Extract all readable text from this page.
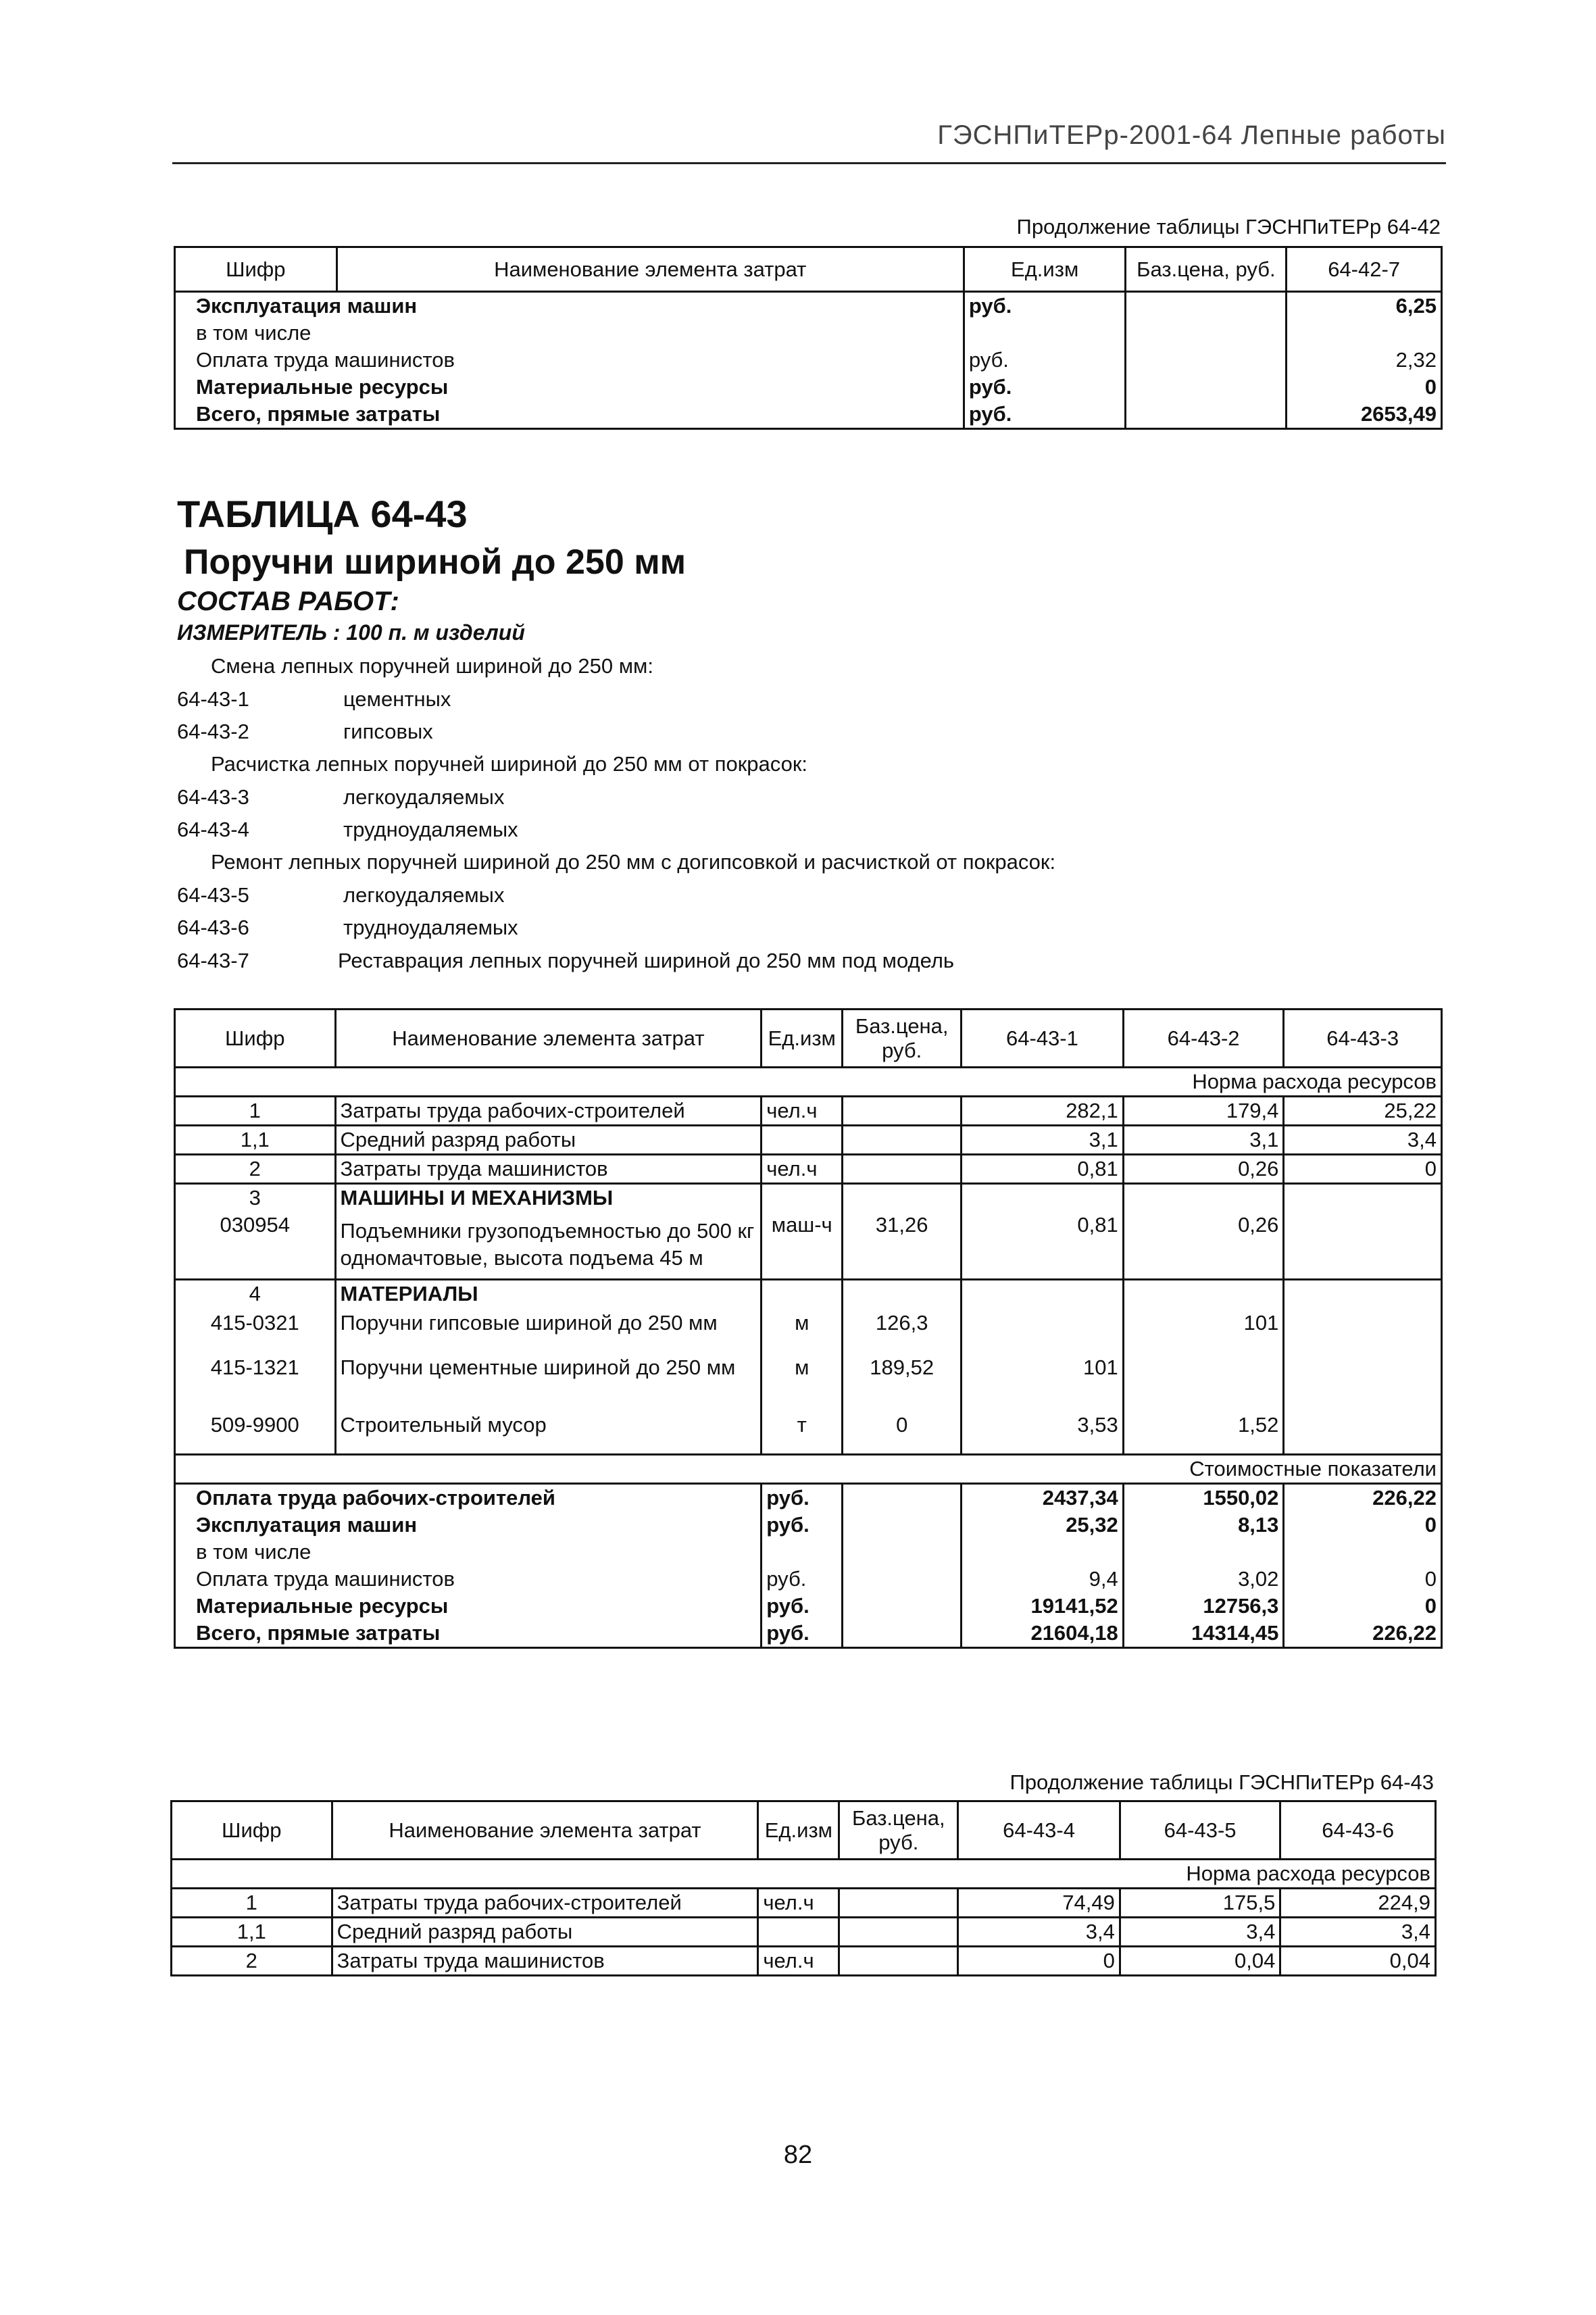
ГЭСНПиТЕРр-2001-64 Лепные работы
Продолжение таблицы ГЭСНПиТЕРр 64-42
Шифр	Наименование элемента затрат	Ед.изм	Баз.цена, руб.	64-42-7
Эксплуатация машин		руб.		6,25
в том числе				
Оплата труда машинистов		руб.		2,32
Материальные ресурсы		руб.		0
Всего, прямые затраты		руб.		2653,49
ТАБЛИЦА 64-43
Поручни шириной до 250 мм
СОСТАВ РАБОТ:
ИЗМЕРИТЕЛЬ : 100 п. м изделий
Смена лепных поручней шириной до 250 мм:
64-43-1	цементных
64-43-2	гипсовых
Расчистка лепных поручней шириной до 250 мм от покрасок:
64-43-3	легкоудаляемых
64-43-4	трудноудаляемых
Ремонт лепных поручней шириной до 250 мм с догипсовкой и расчисткой от покрасок:
64-43-5	легкоудаляемых
64-43-6	трудноудаляемых
64-43-7	Реставрация лепных поручней шириной до 250 мм под модель
Шифр	Наименование элемента затрат	Ед.изм	Баз.цена, руб.	64-43-1	64-43-2	64-43-3
Норма расхода ресурсов						
1	Затраты труда рабочих-строителей	чел.ч		282,1	179,4	25,22
1,1	Средний разряд работы			3,1	3,1	3,4
2	Затраты труда машинистов	чел.ч		0,81	0,26	0
3	МАШИНЫ И МЕХАНИЗМЫ					
030954	Подъемники грузоподъемностью до 500 кг одномачтовые, высота подъема 45 м	маш-ч	31,26	0,81	0,26	
4	МАТЕРИАЛЫ					
415-0321	Поручни гипсовые шириной до 250 мм	м	126,3		101	
415-1321	Поручни цементные шириной до 250 мм	м	189,52	101		
509-9900	Строительный мусор	т	0	3,53	1,52	
Стоимостные показатели						
Оплата труда рабочих-строителей		руб.		2437,34	1550,02	226,22
Эксплуатация машин		руб.		25,32	8,13	0
в том числе						
Оплата труда машинистов		руб.		9,4	3,02	0
Материальные ресурсы		руб.		19141,52	12756,3	0
Всего, прямые затраты		руб.		21604,18	14314,45	226,22
Продолжение таблицы ГЭСНПиТЕРр 64-43
Шифр	Наименование элемента затрат	Ед.изм	Баз.цена, руб.	64-43-4	64-43-5	64-43-6
Норма расхода ресурсов						
1	Затраты труда рабочих-строителей	чел.ч		74,49	175,5	224,9
1,1	Средний разряд работы			3,4	3,4	3,4
2	Затраты труда машинистов	чел.ч		0	0,04	0,04
82
